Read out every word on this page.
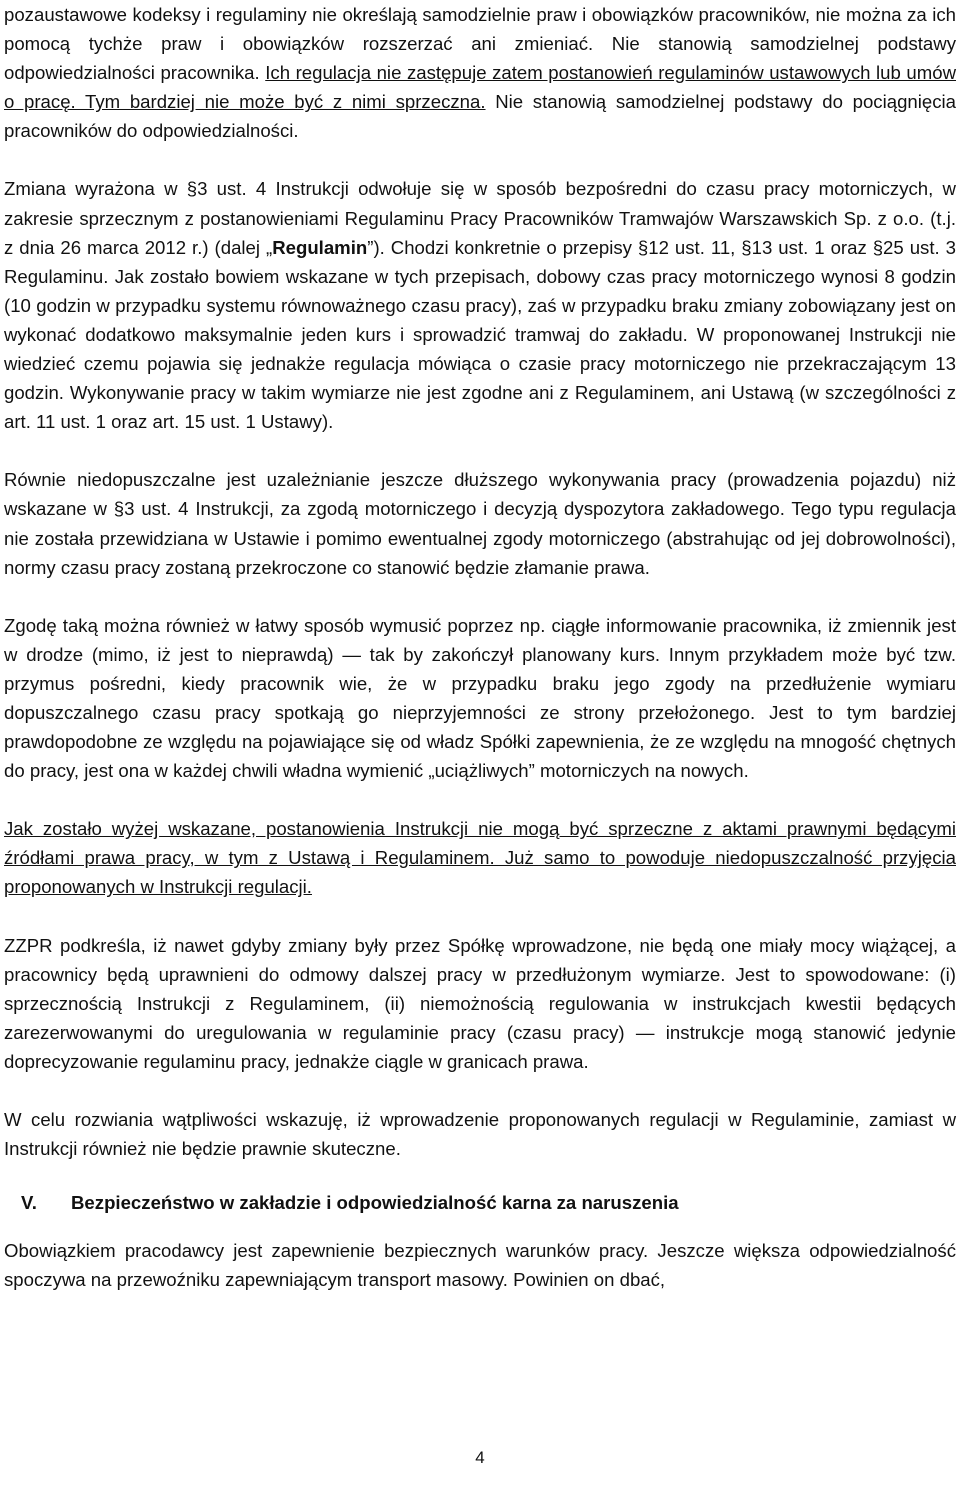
pozaustawowe kodeksy i regulaminy nie określają samodzielnie praw i obowiązków pracowników, nie można za ich pomocą tychże praw i obowiązków rozszerzać ani zmieniać. Nie stanowią samodzielnej podstawy odpowiedzialności pracownika. Ich regulacja nie zastępuje zatem postanowień regulaminów ustawowych lub umów o pracę. Tym bardziej nie może być z nimi sprzeczna. Nie stanowią samodzielnej podstawy do pociągnięcia pracowników do odpowiedzialności.

Zmiana wyrażona w §3 ust. 4 Instrukcji odwołuje się w sposób bezpośredni do czasu pracy motorniczych, w zakresie sprzecznym z postanowieniami Regulaminu Pracy Pracowników Tramwajów Warszawskich Sp. z o.o. (t.j. z dnia 26 marca 2012 r.) (dalej „Regulamin”). Chodzi konkretnie o przepisy §12 ust. 11, §13 ust. 1 oraz §25 ust. 3 Regulaminu. Jak zostało bowiem wskazane w tych przepisach, dobowy czas pracy motorniczego wynosi 8 godzin (10 godzin w przypadku systemu równoważnego czasu pracy), zaś w przypadku braku zmiany zobowiązany jest on wykonać dodatkowo maksymalnie jeden kurs i sprowadzić tramwaj do zakładu. W proponowanej Instrukcji nie wiedzieć czemu pojawia się jednakże regulacja mówiąca o czasie pracy motorniczego nie przekraczającym 13 godzin. Wykonywanie pracy w takim wymiarze nie jest zgodne ani z Regulaminem, ani Ustawą (w szczególności z art. 11 ust. 1 oraz art. 15 ust. 1 Ustawy).

Równie niedopuszczalne jest uzależnianie jeszcze dłuższego wykonywania pracy (prowadzenia pojazdu) niż wskazane w §3 ust. 4 Instrukcji, za zgodą motorniczego i decyzją dyspozytora zakładowego. Tego typu regulacja nie została przewidziana w Ustawie i pomimo ewentualnej zgody motorniczego (abstrahując od jej dobrowolności), normy czasu pracy zostaną przekroczone co stanowić będzie złamanie prawa.

Zgodę taką można również w łatwy sposób wymusić poprzez np. ciągłe informowanie pracownika, iż zmiennik jest w drodze (mimo, iż jest to nieprawdą) — tak by zakończył planowany kurs. Innym przykładem może być tzw. przymus pośredni, kiedy pracownik wie, że w przypadku braku jego zgody na przedłużenie wymiaru dopuszczalnego czasu pracy spotkają go nieprzyjemności ze strony przełożonego. Jest to tym bardziej prawdopodobne ze względu na pojawiające się od władz Spółki zapewnienia, że ze względu na mnogość chętnych do pracy, jest ona w każdej chwili władna wymienić „uciążliwych” motorniczych na nowych.

Jak zostało wyżej wskazane, postanowienia Instrukcji nie mogą być sprzeczne z aktami prawnymi będącymi źródłami prawa pracy, w tym z Ustawą i Regulaminem. Już samo to powoduje niedopuszczalność przyjęcia proponowanych w Instrukcji regulacji.

ZZPR podkreśla, iż nawet gdyby zmiany były przez Spółkę wprowadzone, nie będą one miały mocy wiążącej, a pracownicy będą uprawnieni do odmowy dalszej pracy w przedłużonym wymiarze. Jest to spowodowane: (i) sprzecznością Instrukcji z Regulaminem, (ii) niemożnością regulowania w instrukcjach kwestii będących zarezerwowanymi do uregulowania w regulaminie pracy (czasu pracy) — instrukcje mogą stanowić jedynie doprecyzowanie regulaminu pracy, jednakże ciągle w granicach prawa.

W celu rozwiania wątpliwości wskazuję, iż wprowadzenie proponowanych regulacji w Regulaminie, zamiast w Instrukcji również nie będzie prawnie skuteczne.

V.	Bezpieczeństwo w zakładzie i odpowiedzialność karna za naruszenia

Obowiązkiem pracodawcy jest zapewnienie bezpiecznych warunków pracy. Jeszcze większa odpowiedzialność spoczywa na przewoźniku zapewniającym transport masowy. Powinien on dbać,

4
